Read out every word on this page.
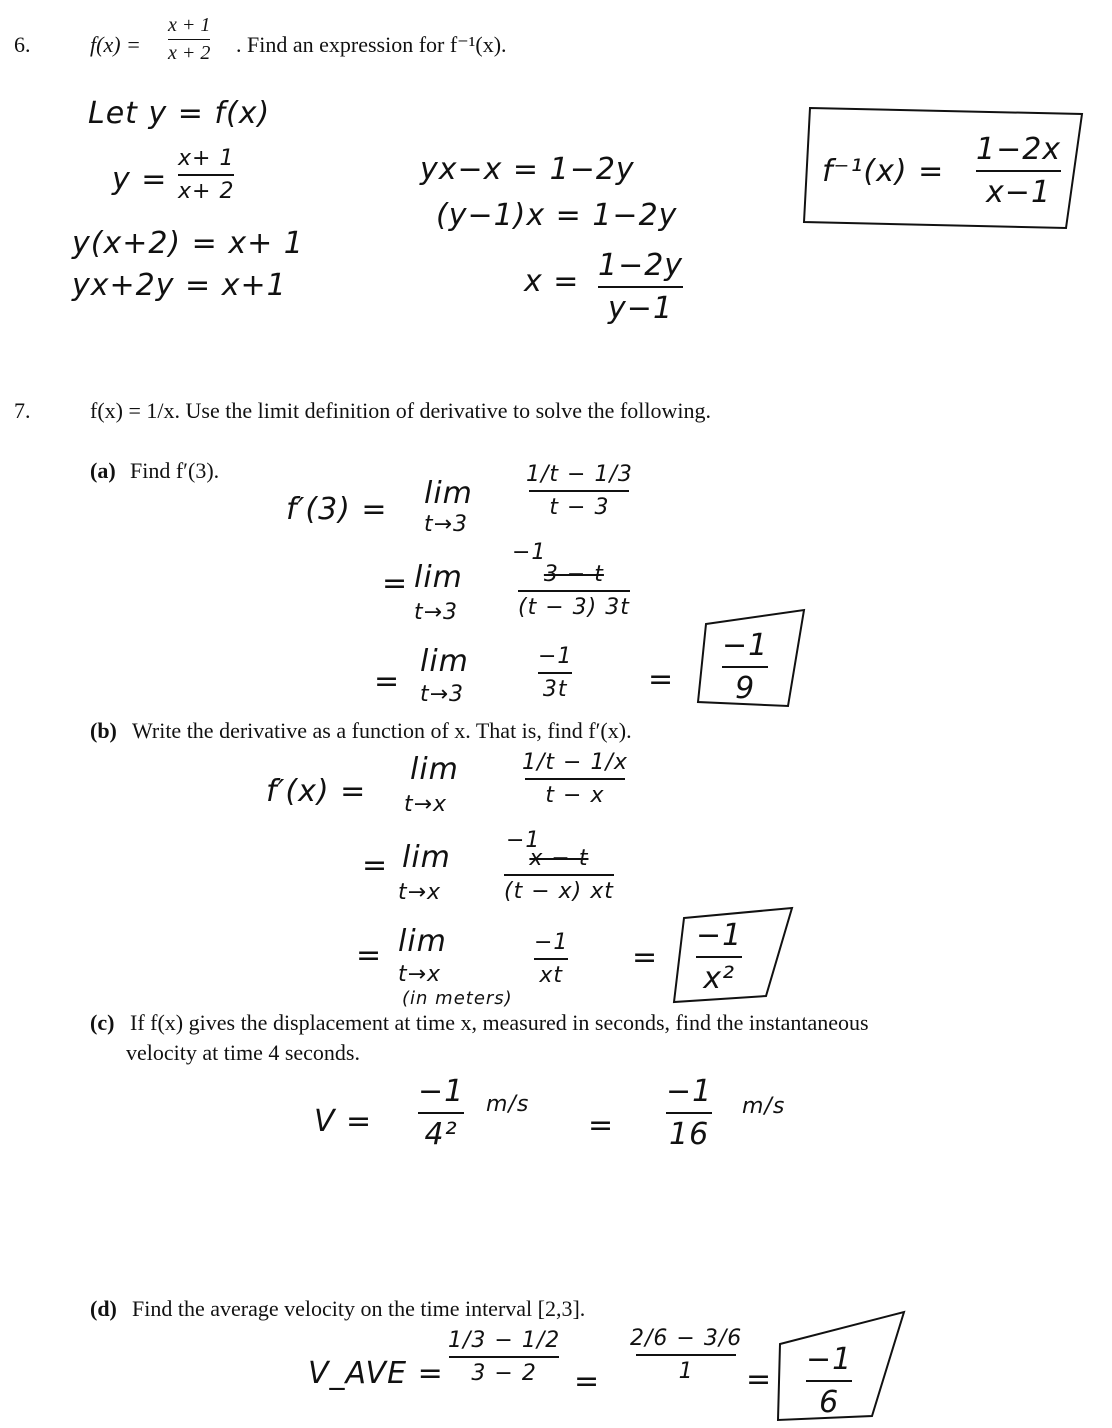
6.	f(x) =
x + 1
x + 2 . Find an expression for f⁻¹(x).
Let y = f(x)
y =
x+ 1
x+ 2
y(x+2) = x+ 1
yx+2y = x+1
yx−x = 1−2y
(y−1)x = 1−2y
x = 1−2y
y−1
f⁻¹(x) =
1−2x
x−1
7.	f(x) = 1/x. Use the limit definition of derivative to solve the following.
(a) Find f′(3).
f′(3) = lim
t→3
1/t − 1/3
t − 3
−1
= lim
t→3
3 − t
(t − 3) 3t
=
lim
t→3
−1
3t	=
−1
9
(b) Write the derivative as a function of x. That is, find f′(x).
f′(x) =
lim
t→x
1/t − 1/x
t − x
−1
= lim
t→x
x − t
(t − x) xt
= lim
t→x
−1
xt
=
−1
x²
(in meters)
(c) If f(x) gives the displacement at time x, measured in seconds, find the instantaneous
velocity at time 4 seconds.
V =
−1
4²
m/s
=
−1
16
m/s
(d) Find the average velocity on the time interval [2,3].
V_AVE =
1/3 − 1/2
3 − 2 =
2/6 − 3/6
1 =
−1
6
